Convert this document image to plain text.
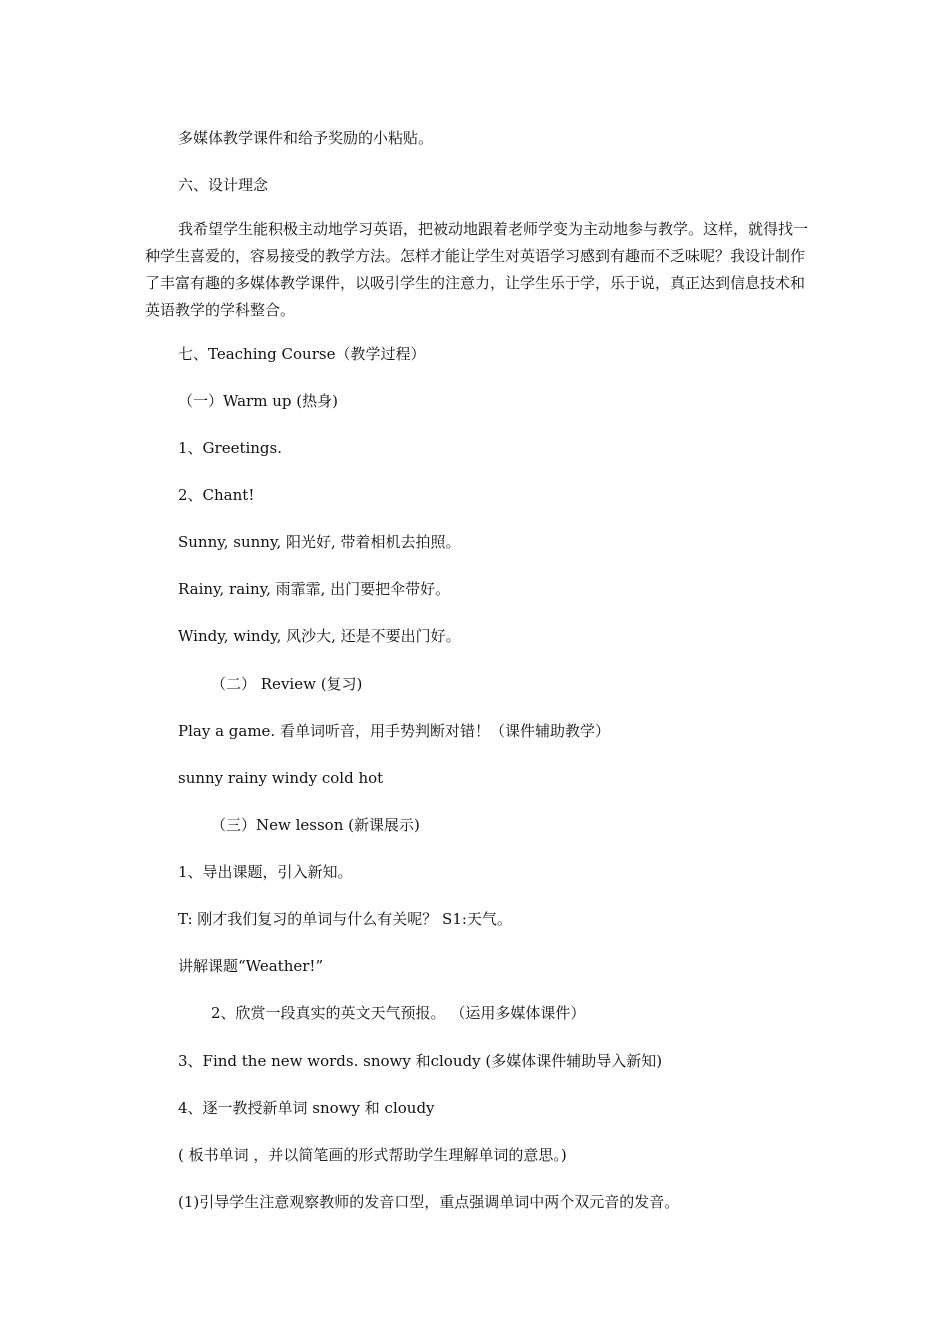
多媒体教学课件和给予奖励的小粘贴。
六、设计理念
我希望学生能积极主动地学习英语，把被动地跟着老师学变为主动地参与教学。这样，就得找一种学生喜爱的，容易接受的教学方法。怎样才能让学生对英语学习感到有趣而不乏味呢？我设计制作了丰富有趣的多媒体教学课件，以吸引学生的注意力，让学生乐于学，乐于说，真正达到信息技术和英语教学的学科整合。
七、Teaching Course（教学过程）
（一）Warm up (热身)
1、Greetings.
2、Chant!
Sunny, sunny, 阳光好, 带着相机去拍照。
Rainy, rainy, 雨霏霏, 出门要把伞带好。
Windy, windy, 风沙大, 还是不要出门好。
（二） Review (复习)
Play a game. 看单词听音，用手势判断对错！（课件辅助教学）
sunny rainy windy cold hot
（三）New lesson (新课展示)
1、导出课题，引入新知。
T: 刚才我们复习的单词与什么有关呢？ S1:天气。
讲解课题“Weather!”
2、欣赏一段真实的英文天气预报。 （运用多媒体课件）
3、Find the new words. snowy 和cloudy (多媒体课件辅助导入新知)
4、逐一教授新单词 snowy 和 cloudy
( 板书单词 ，并以简笔画的形式帮助学生理解单词的意思。)
(1)引导学生注意观察教师的发音口型，重点强调单词中两个双元音的发音。
